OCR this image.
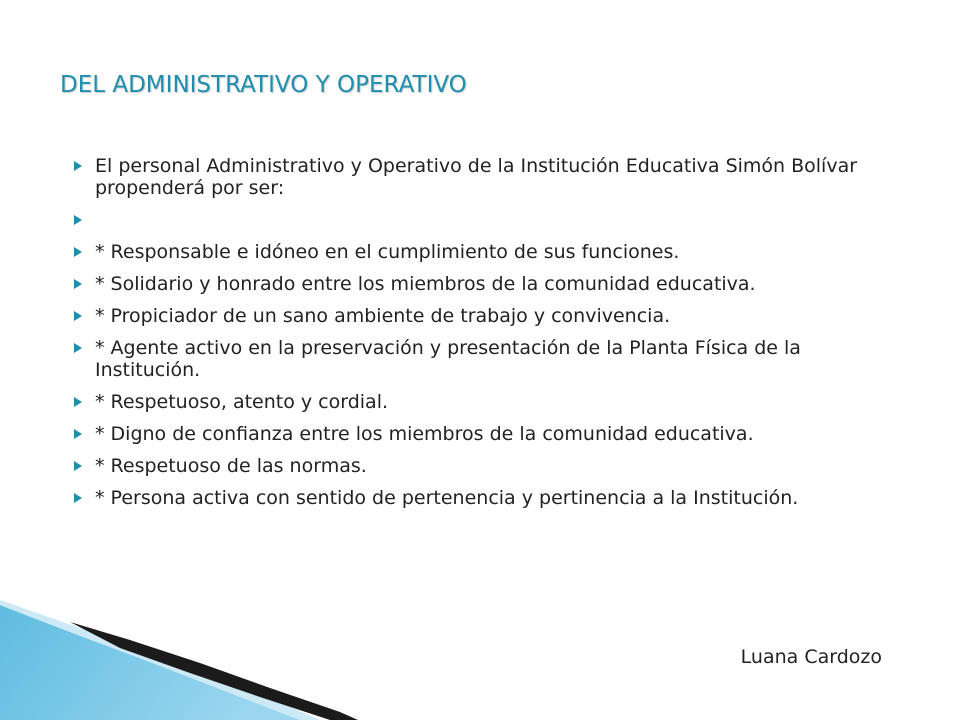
DEL ADMINISTRATIVO Y OPERATIVO
El personal Administrativo y Operativo de la Institución Educativa Simón Bolívar propenderá por ser:
* Responsable e idóneo en el cumplimiento de sus funciones.
* Solidario y honrado entre los miembros de la comunidad educativa.
* Propiciador de un sano ambiente de trabajo y convivencia.
* Agente activo en la preservación y presentación de la Planta Física de la Institución.
* Respetuoso, atento y cordial.
* Digno de confianza entre los miembros de la comunidad educativa.
* Respetuoso de las normas.
* Persona activa con sentido de pertenencia y pertinencia a la Institución.
Luana Cardozo
